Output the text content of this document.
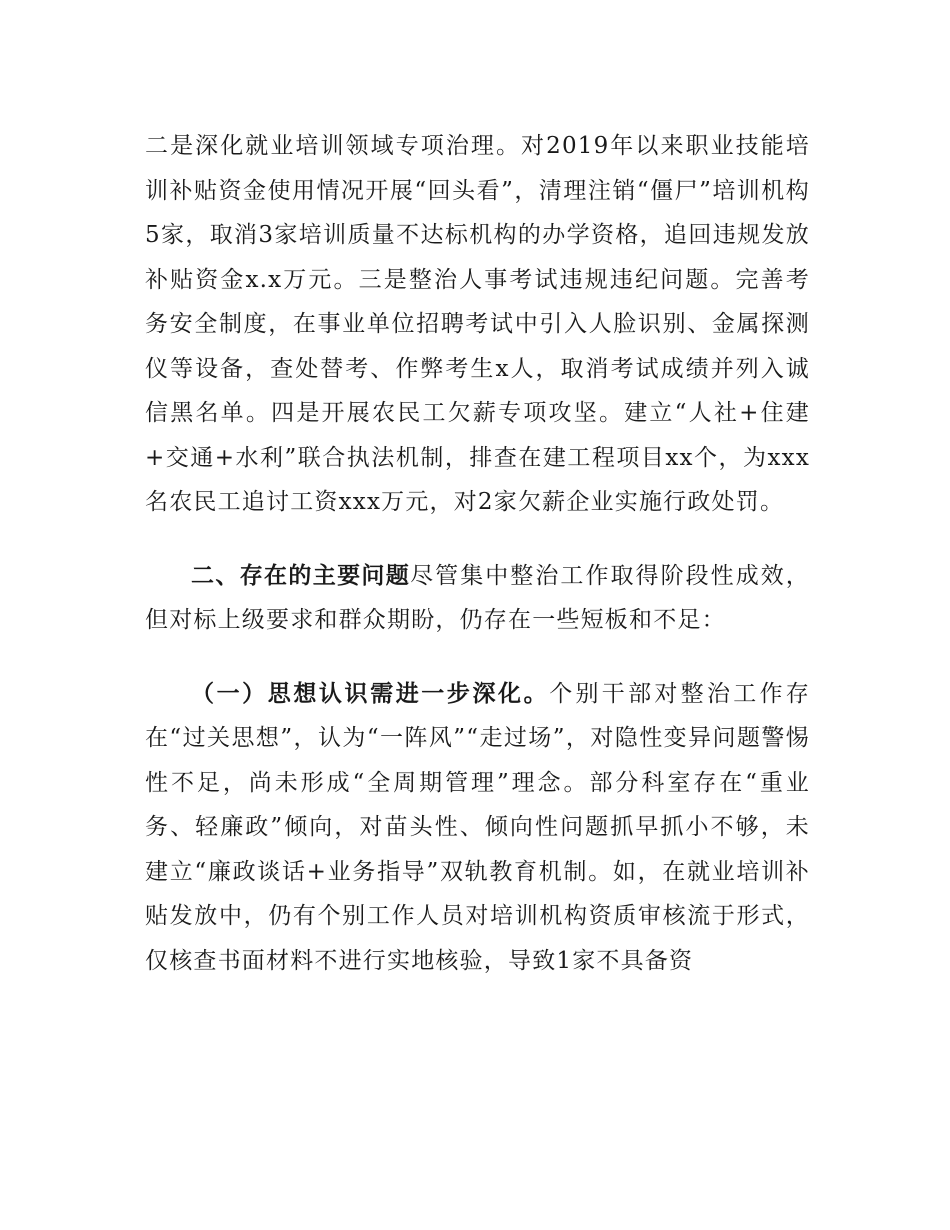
二是深化就业培训领域专项治理。对2019年以来职业技能培训补贴资金使用情况开展“回头看”，清理注销“僵尸”培训机构5家，取消3家培训质量不达标机构的办学资格，追回违规发放补贴资金x.x万元。三是整治人事考试违规违纪问题。完善考务安全制度，在事业单位招聘考试中引入人脸识别、金属探测仪等设备，查处替考、作弊考生x人，取消考试成绩并列入诚信黑名单。四是开展农民工欠薪专项攻坚。建立“人社+住建+交通+水利”联合执法机制，排查在建工程项目xx个，为xxx名农民工追讨工资xxx万元，对2家欠薪企业实施行政处罚。

二、存在的主要问题尽管集中整治工作取得阶段性成效，但对标上级要求和群众期盼，仍存在一些短板和不足：

（一）思想认识需进一步深化。个别干部对整治工作存在“过关思想”，认为“一阵风”“走过场”，对隐性变异问题警惕性不足，尚未形成“全周期管理”理念。部分科室存在“重业务、轻廉政”倾向，对苗头性、倾向性问题抓早抓小不够，未建立“廉政谈话+业务指导”双轨教育机制。如，在就业培训补贴发放中，仍有个别工作人员对培训机构资质审核流于形式，仅核查书面材料不进行实地核验，导致1家不具备资
